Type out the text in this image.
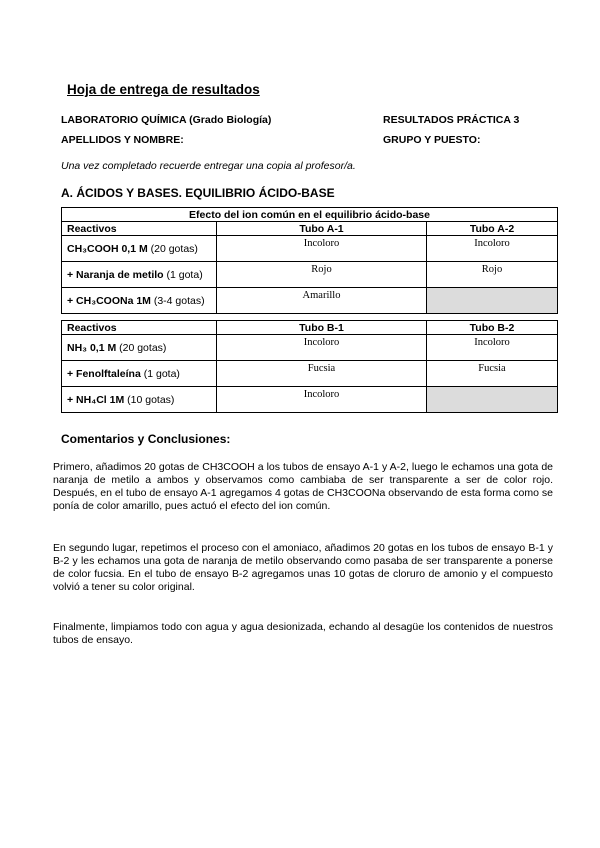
Hoja de entrega de resultados
LABORATORIO QUÍMICA (Grado Biología)	RESULTADOS PRÁCTICA 3
APELLIDOS Y NOMBRE:	GRUPO Y PUESTO:
Una vez completado recuerde entregar una copia al profesor/a.
A. ÁCIDOS Y BASES. EQUILIBRIO ÁCIDO-BASE
Efecto del ion común en el equilibrio ácido-base		
Reactivos	Tubo A-1	Tubo A-2
CH₃COOH 0,1 M (20 gotas)	Incoloro	Incoloro
+ Naranja de metilo (1 gota)	Rojo	Rojo
+ CH₃COONa 1M (3-4 gotas)	Amarillo	
Reactivos	Tubo B-1	Tubo B-2
NH₃ 0,1 M (20 gotas)	Incoloro	Incoloro
+ Fenolftaleína (1 gota)	Fucsia	Fucsia
+ NH₄Cl 1M (10 gotas)	Incoloro	
Comentarios y Conclusiones:
Primero, añadimos 20 gotas de CH3COOH a los tubos de ensayo A-1 y A-2, luego le echamos una gota de naranja de metilo a ambos y observamos como cambiaba de ser transparente a ser de color rojo. Después, en el tubo de ensayo A-1 agregamos 4 gotas de CH3COONa observando de esta forma como se ponía de color amarillo, pues actuó el efecto del ion común.
En segundo lugar, repetimos el proceso con el amoniaco, añadimos 20 gotas en los tubos de ensayo B-1 y B-2 y les echamos una gota de naranja de metilo observando como pasaba de ser transparente a ponerse de color fucsia. En el tubo de ensayo B-2 agregamos unas 10 gotas de cloruro de amonio y el compuesto volvió a tener su color original.
Finalmente, limpiamos todo con agua y agua desionizada, echando al desagüe los contenidos de nuestros tubos de ensayo.
